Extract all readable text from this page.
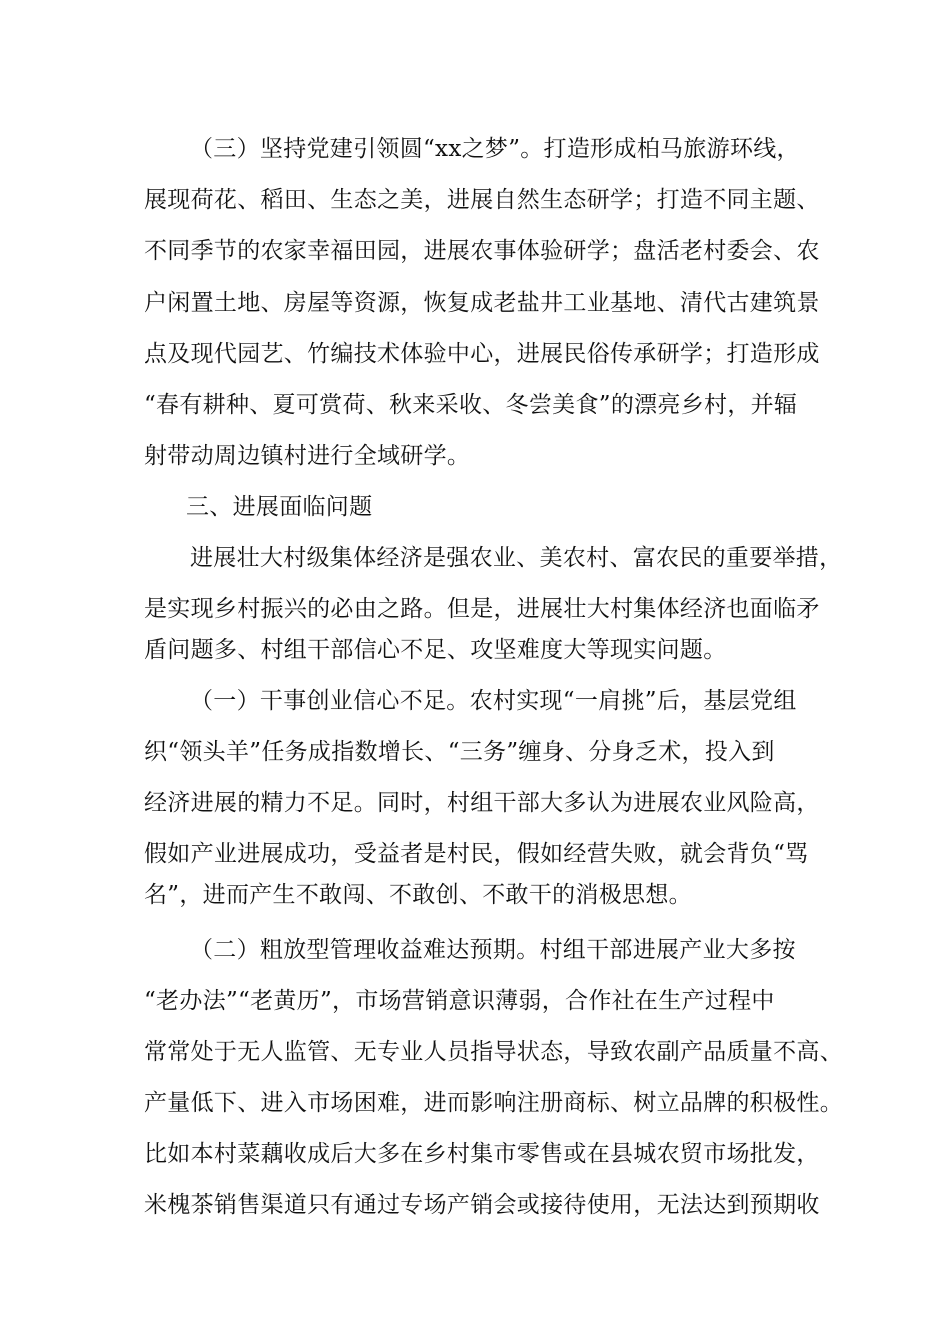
（三）坚持党建引领圆“xx之梦”。打造形成柏马旅游环线，
展现荷花、稻田、生态之美，进展自然生态研学；打造不同主题、
不同季节的农家幸福田园，进展农事体验研学；盘活老村委会、农
户闲置土地、房屋等资源，恢复成老盐井工业基地、清代古建筑景
点及现代园艺、竹编技术体验中心，进展民俗传承研学；打造形成
“春有耕种、夏可赏荷、秋来采收、冬尝美食”的漂亮乡村，并辐
射带动周边镇村进行全域研学。
三、进展面临问题
进展壮大村级集体经济是强农业、美农村、富农民的重要举措，
是实现乡村振兴的必由之路。但是，进展壮大村集体经济也面临矛
盾问题多、村组干部信心不足、攻坚难度大等现实问题。
（一）干事创业信心不足。农村实现“一肩挑”后，基层党组
织“领头羊”任务成指数增长、“三务”缠身、分身乏术，投入到
经济进展的精力不足。同时，村组干部大多认为进展农业风险高，
假如产业进展成功，受益者是村民，假如经营失败，就会背负“骂
名”，进而产生不敢闯、不敢创、不敢干的消极思想。
（二）粗放型管理收益难达预期。村组干部进展产业大多按
“老办法”“老黄历”，市场营销意识薄弱，合作社在生产过程中
常常处于无人监管、无专业人员指导状态，导致农副产品质量不高、
产量低下、进入市场困难，进而影响注册商标、树立品牌的积极性。
比如本村菜藕收成后大多在乡村集市零售或在县城农贸市场批发，
米槐茶销售渠道只有通过专场产销会或接待使用，无法达到预期收
